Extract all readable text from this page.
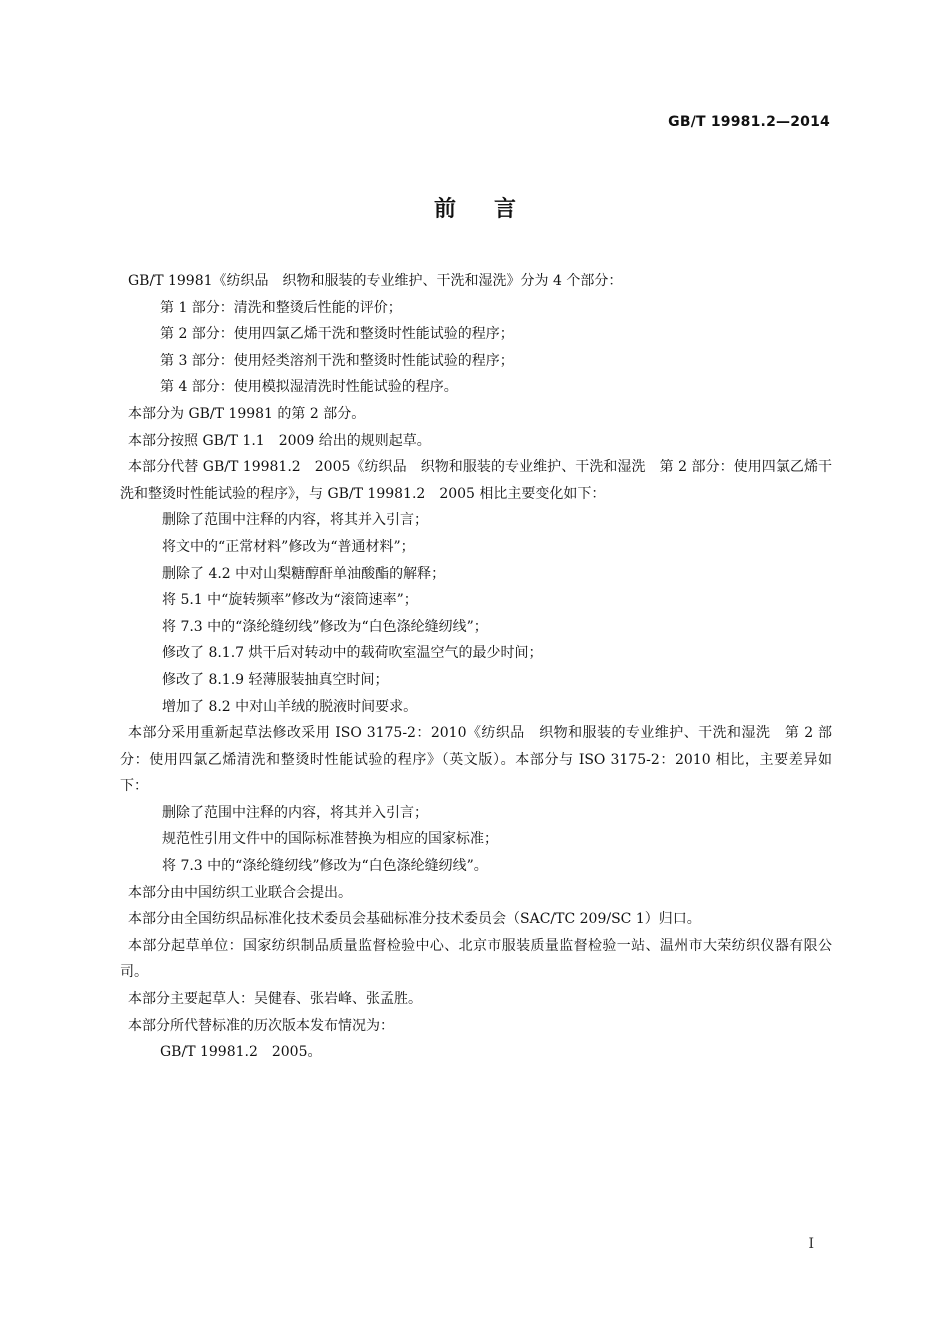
GB/T 19981.2—2014
前言

GB/T 19981《纺织品　织物和服装的专业维护、干洗和湿洗》分为 4 个部分：

第 1 部分：清洗和整烫后性能的评价；

第 2 部分：使用四氯乙烯干洗和整烫时性能试验的程序；

第 3 部分：使用烃类溶剂干洗和整烫时性能试验的程序；

第 4 部分：使用模拟湿清洗时性能试验的程序。

本部分为 GB/T 19981 的第 2 部分。

本部分按照 GB/T 1.1　2009 给出的规则起草。

本部分代替 GB/T 19981.2　2005《纺织品　织物和服装的专业维护、干洗和湿洗　第 2 部分：使用四氯乙烯干洗和整烫时性能试验的程序》，与 GB/T 19981.2　2005 相比主要变化如下：

删除了范围中注释的内容，将其并入引言；

将文中的“正常材料”修改为“普通材料”；

删除了 4.2 中对山梨糖醇酐单油酸酯的解释；

将 5.1 中“旋转频率”修改为“滚筒速率”；

将 7.3 中的“涤纶缝纫线”修改为“白色涤纶缝纫线”；

修改了 8.1.7 烘干后对转动中的载荷吹室温空气的最少时间；

修改了 8.1.9 轻薄服装抽真空时间；

增加了 8.2 中对山羊绒的脱液时间要求。

本部分采用重新起草法修改采用 ISO 3175-2：2010《纺织品　织物和服装的专业维护、干洗和湿洗　第 2 部分：使用四氯乙烯清洗和整烫时性能试验的程序》（英文版）。本部分与 ISO 3175-2：2010 相比，主要差异如下：

删除了范围中注释的内容，将其并入引言；

规范性引用文件中的国际标准替换为相应的国家标准；

将 7.3 中的“涤纶缝纫线”修改为“白色涤纶缝纫线”。

本部分由中国纺织工业联合会提出。

本部分由全国纺织品标准化技术委员会基础标准分技术委员会（SAC/TC 209/SC 1）归口。

本部分起草单位：国家纺织制品质量监督检验中心、北京市服装质量监督检验一站、温州市大荣纺织仪器有限公司。

本部分主要起草人：吴健春、张岩峰、张孟胜。

本部分所代替标准的历次版本发布情况为：

GB/T 19981.2　2005。

I
